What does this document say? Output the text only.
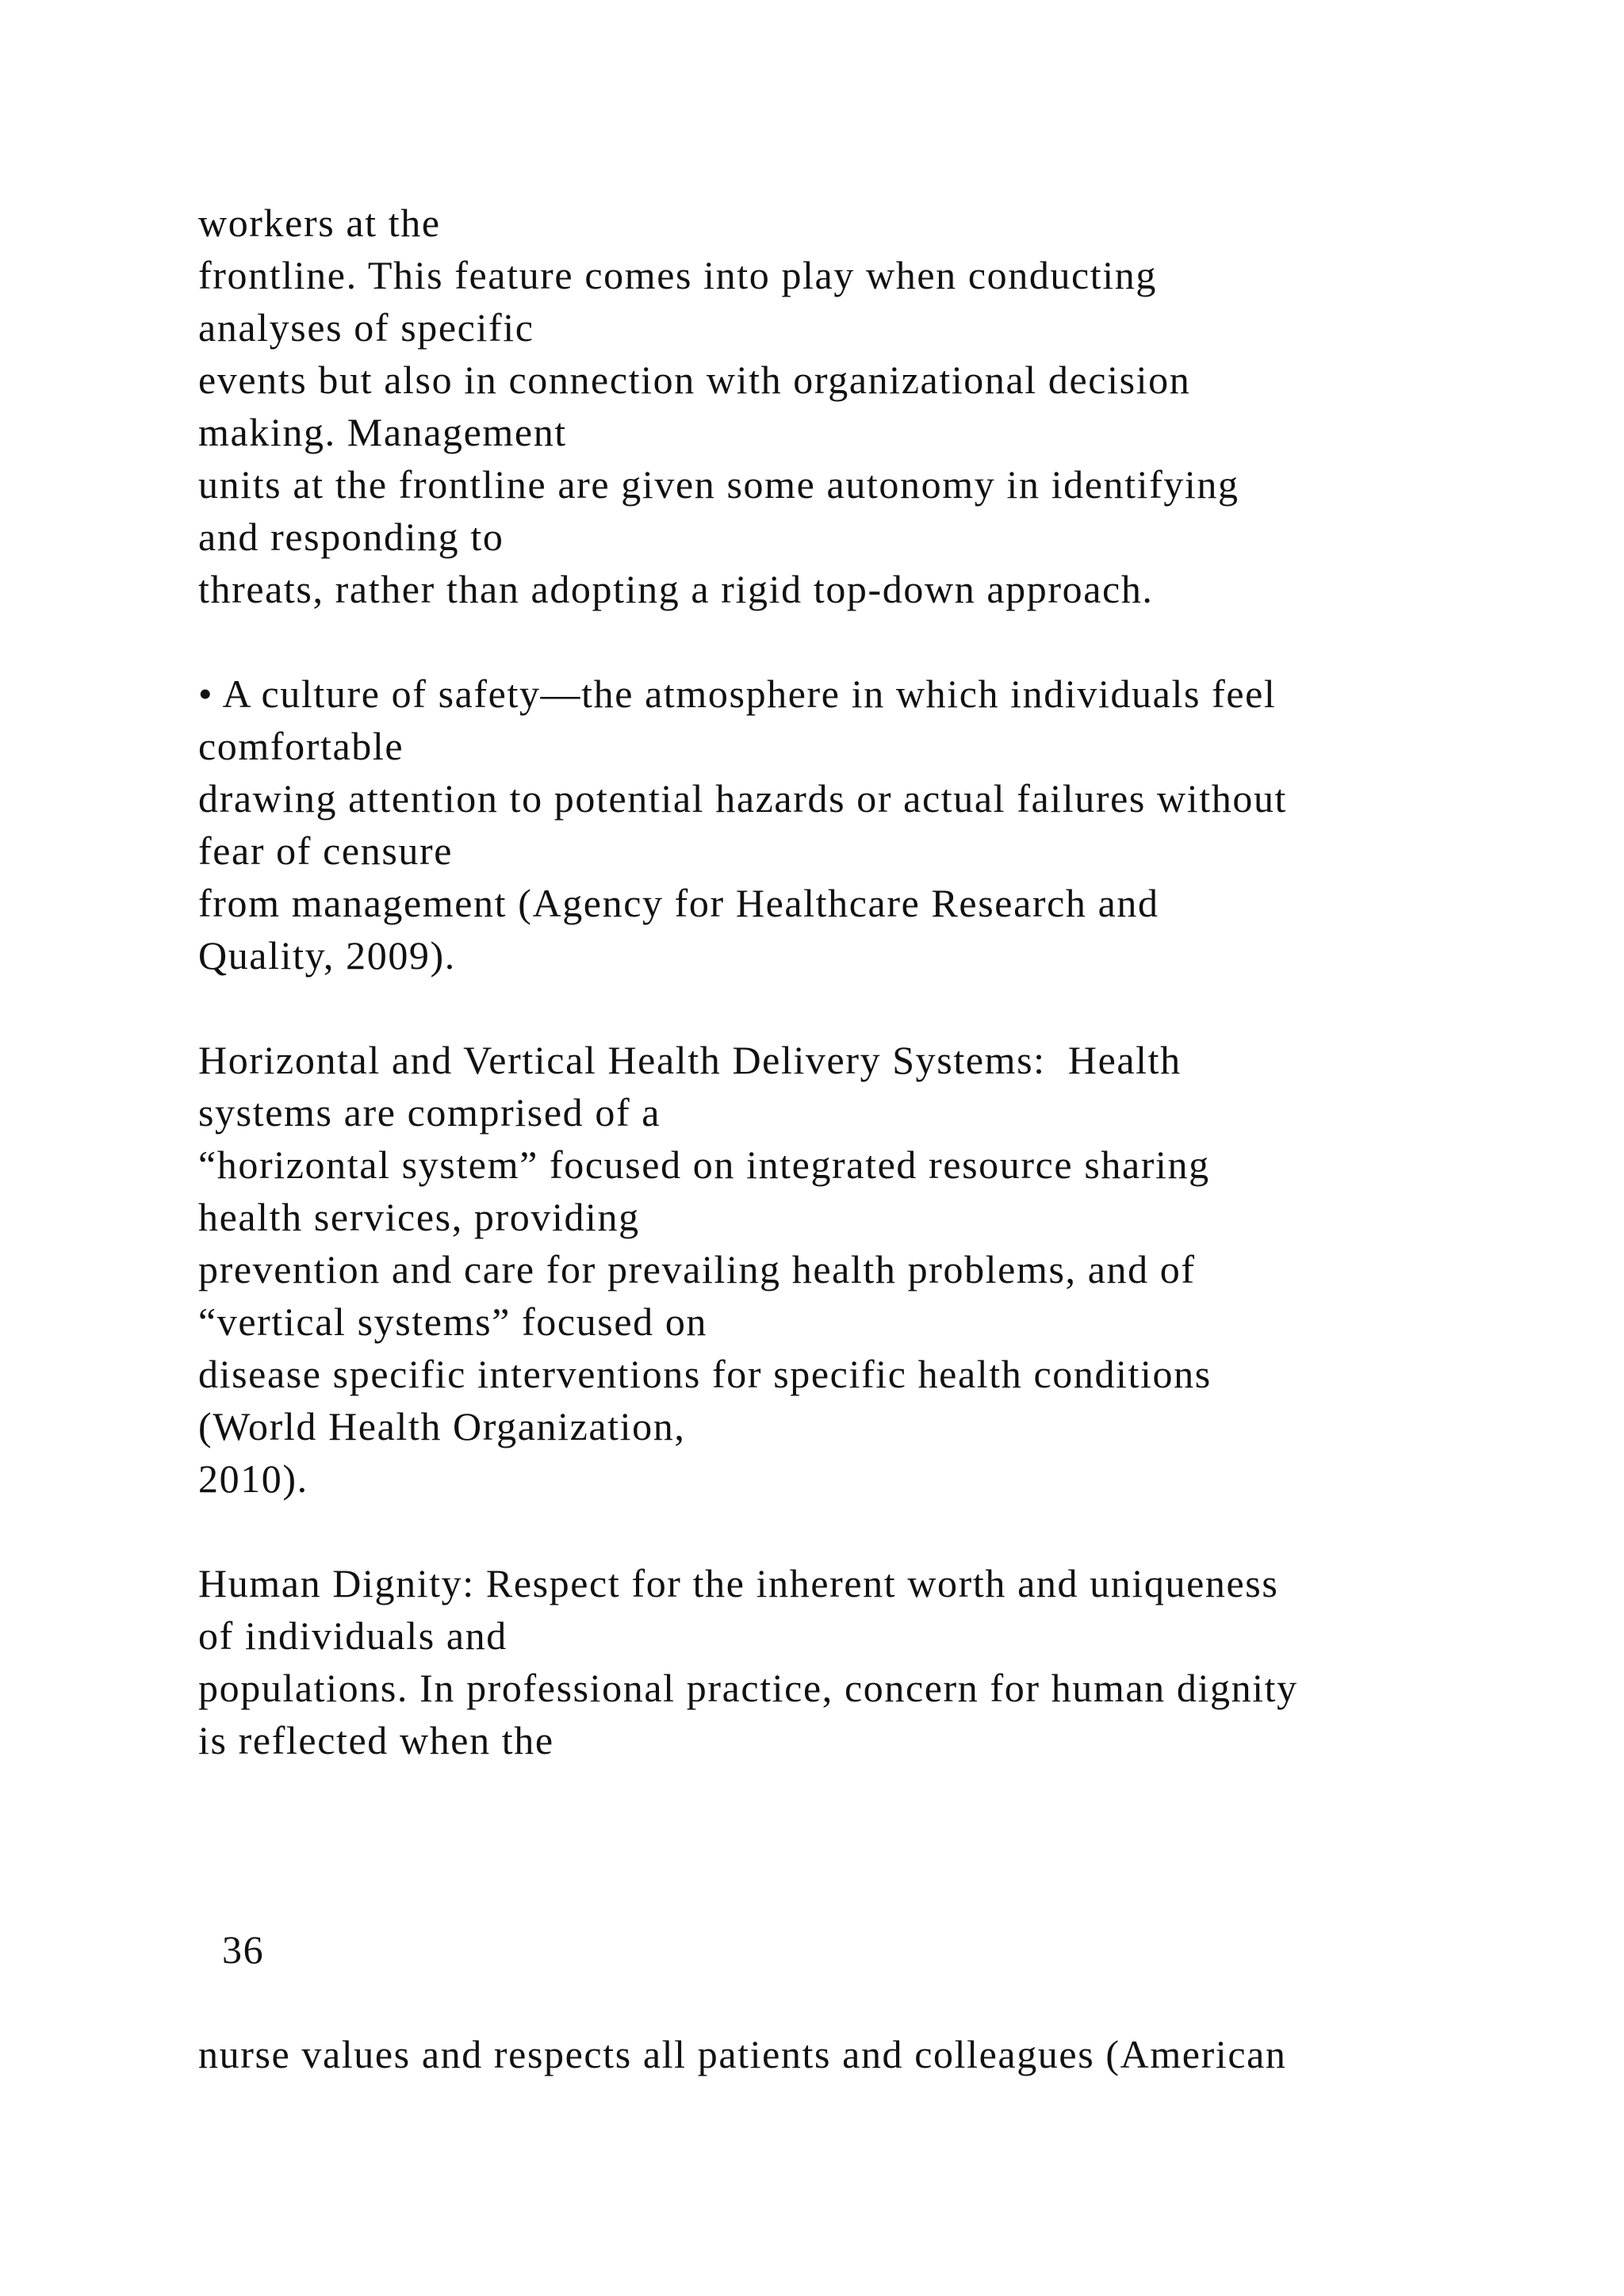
workers at the
frontline. This feature comes into play when conducting
analyses of specific
events but also in connection with organizational decision
making. Management
units at the frontline are given some autonomy in identifying
and responding to
threats, rather than adopting a rigid top-down approach.
• A culture of safety—the atmosphere in which individuals feel
comfortable
drawing attention to potential hazards or actual failures without
fear of censure
from management (Agency for Healthcare Research and
Quality, 2009).
Horizontal and Vertical Health Delivery Systems:  Health
systems are comprised of a
“horizontal system” focused on integrated resource sharing
health services, providing
prevention and care for prevailing health problems, and of
“vertical systems” focused on
disease specific interventions for specific health conditions
(World Health Organization,
2010).
Human Dignity: Respect for the inherent worth and uniqueness
of individuals and
populations. In professional practice, concern for human dignity
is reflected when the
36
nurse values and respects all patients and colleagues (American
